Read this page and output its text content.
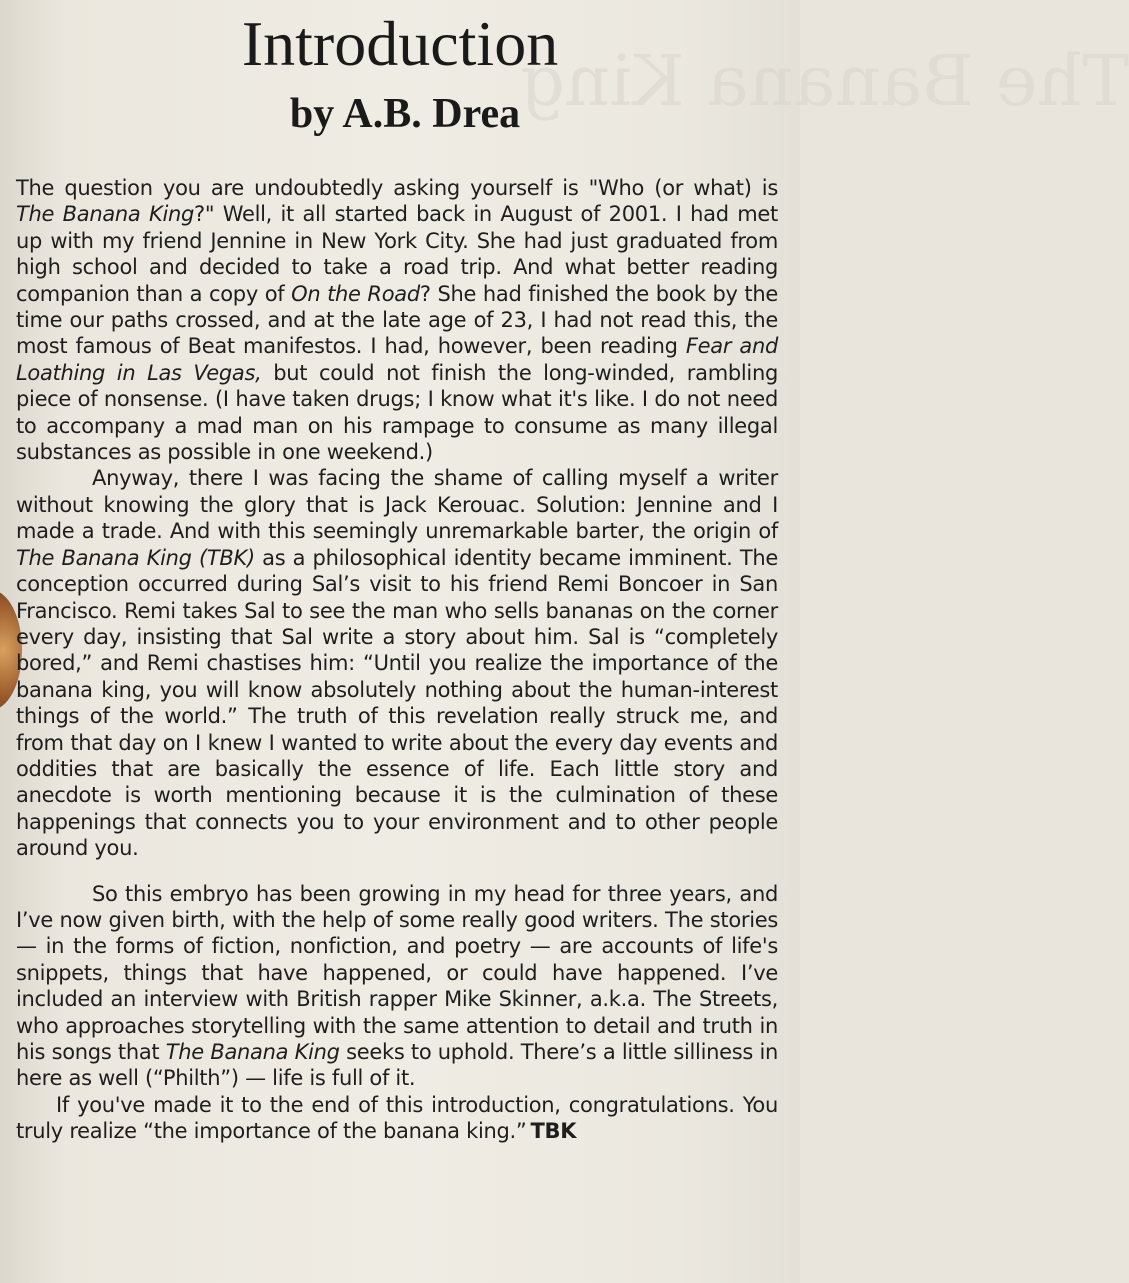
The Banana King
Introduction
by A.B. Drea

The question you are undoubtedly asking yourself is "Who (or what) is The Banana King?" Well, it all started back in August of 2001. I had met up with my friend Jennine in New York City. She had just graduated from high school and decided to take a road trip. And what better reading companion than a copy of On the Road? She had finished the book by the time our paths crossed, and at the late age of 23, I had not read this, the most famous of Beat manifestos. I had, however, been reading Fear and Loathing in Las Vegas, but could not finish the long-winded, rambling piece of nonsense. (I have taken drugs; I know what it's like. I do not need to accompany a mad man on his rampage to consume as many illegal substances as possible in one weekend.)

Anyway, there I was facing the shame of calling myself a writer without knowing the glory that is Jack Kerouac. Solution: Jennine and I made a trade. And with this seemingly unremarkable barter, the origin of The Banana King (TBK) as a philosophical identity became imminent. The conception occurred during Sal’s visit to his friend Remi Boncoer in San Francisco. Remi takes Sal to see the man who sells bananas on the corner every day, insisting that Sal write a story about him. Sal is “completely bored,” and Remi chastises him: “Until you realize the importance of the banana king, you will know absolutely nothing about the human-interest things of the world.” The truth of this revelation really struck me, and from that day on I knew I wanted to write about the every day events and oddities that are basically the essence of life. Each little story and anecdote is worth mentioning because it is the culmination of these happenings that connects you to your environment and to other people around you.

So this embryo has been growing in my head for three years, and I’ve now given birth, with the help of some really good writers. The stories — in the forms of fiction, nonfiction, and poetry — are accounts of life's snippets, things that have happened, or could have happened. I’ve included an interview with British rapper Mike Skinner, a.k.a. The Streets, who approaches storytelling with the same attention to detail and truth in his songs that The Banana King seeks to uphold. There’s a little silliness in here as well (“Philth”) — life is full of it.

If you've made it to the end of this introduction, congratulations. You truly realize “the importance of the banana king.” TBK
